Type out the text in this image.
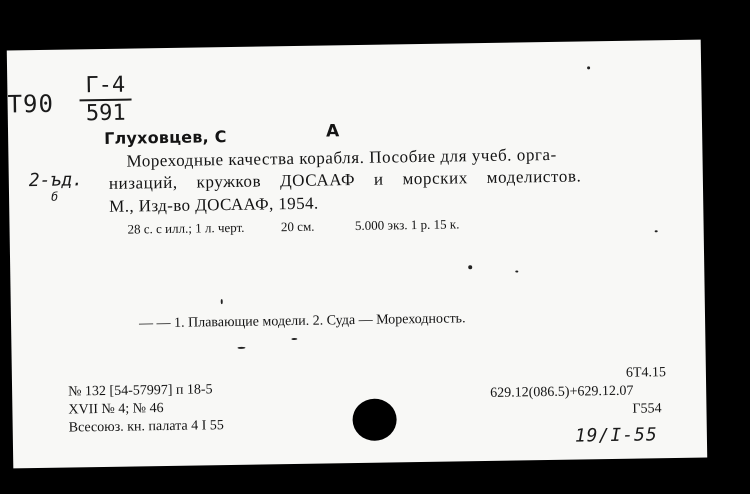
Т90
Г-4
591
Глуховцев, С	А
2-ъд.
б
Мореходные качества корабля. Пособие для учеб. орга-
низаций, кружков ДОСААФ и морских моделистов.
М., Изд-во ДОСААФ, 1954.
28 с. с илл.; 1 л. черт.	20 см.	5.000 экз. 1 р. 15 к.
— — 1. Плавающие модели. 2. Суда — Мореходность.
№ 132 [54-57997] п 18-5
XVII № 4; № 46
Всесоюз. кн. палата 4 I 55
6Т4.15
629.12(086.5)+629.12.07
Г554
19/I-55
